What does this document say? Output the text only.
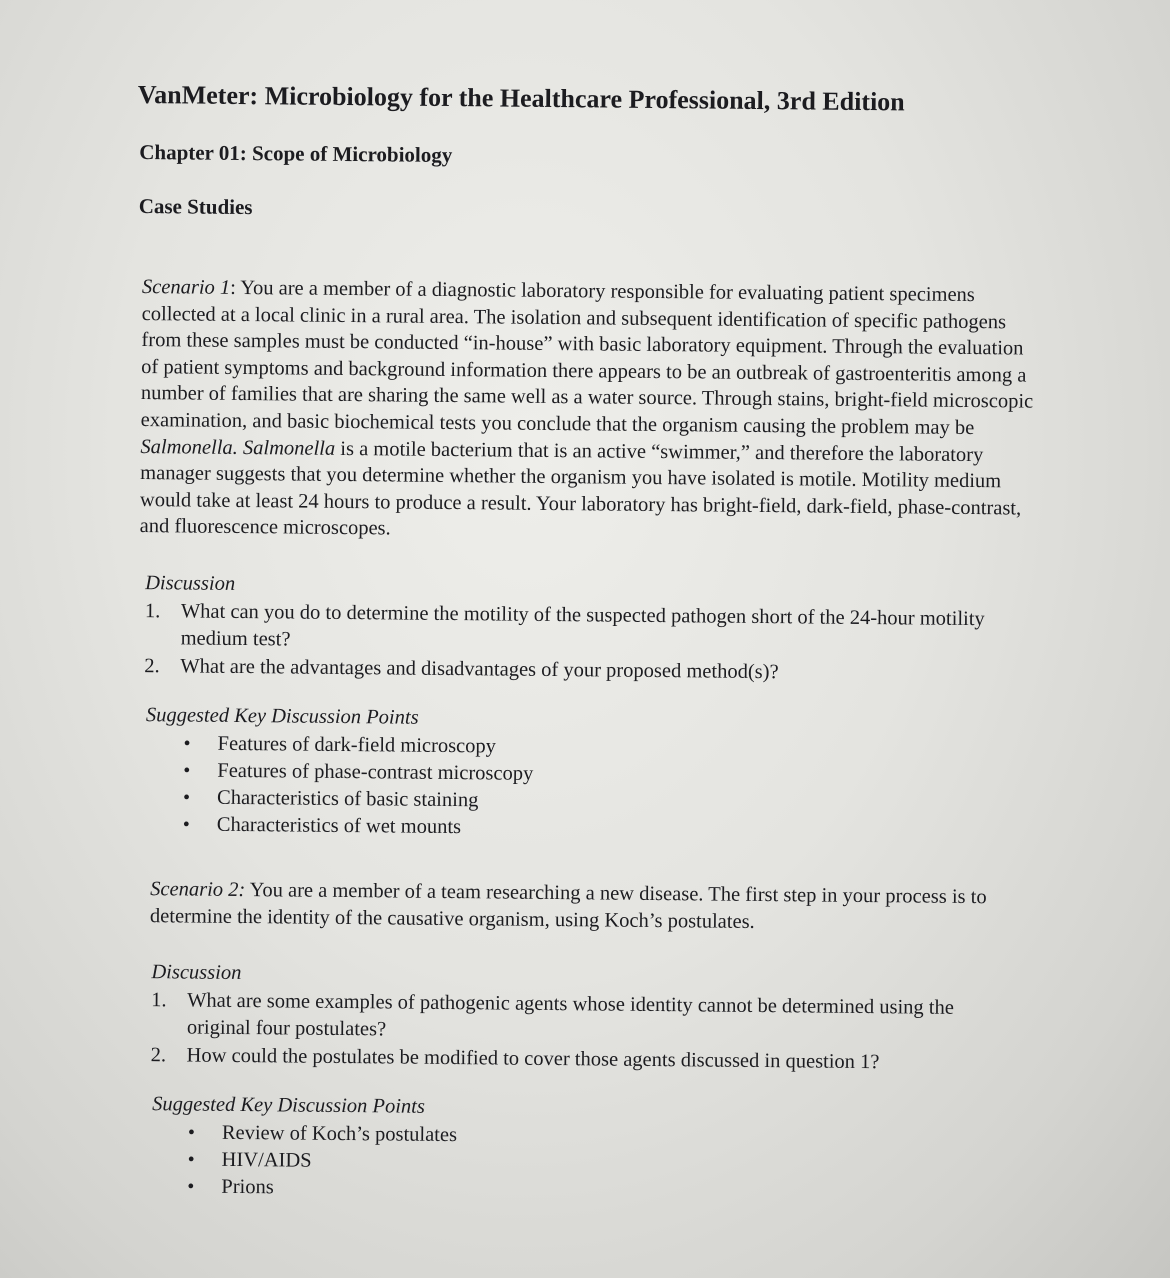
VanMeter: Microbiology for the Healthcare Professional, 3rd Edition
Chapter 01: Scope of Microbiology
Case Studies

Scenario 1: You are a member of a diagnostic laboratory responsible for evaluating patient specimens collected at a local clinic in a rural area. The isolation and subsequent identification of specific pathogens from these samples must be conducted “in-house” with basic laboratory equipment. Through the evaluation of patient symptoms and background information there appears to be an outbreak of gastroenteritis among a number of families that are sharing the same well as a water source. Through stains, bright-field microscopic examination, and basic biochemical tests you conclude that the organism causing the problem may be Salmonella. Salmonella is a motile bacterium that is an active “swimmer,” and therefore the laboratory manager suggests that you determine whether the organism you have isolated is motile. Motility medium would take at least 24 hours to produce a result. Your laboratory has bright-field, dark-field, phase-contrast, and fluorescence microscopes.

Discussion
1. What can you do to determine the motility of the suspected pathogen short of the 24-hour motility medium test?
2. What are the advantages and disadvantages of your proposed method(s)?
Suggested Key Discussion Points
• Features of dark-field microscopy
• Features of phase-contrast microscopy
• Characteristics of basic staining
• Characteristics of wet mounts

Scenario 2: You are a member of a team researching a new disease. The first step in your process is to determine the identity of the causative organism, using Koch’s postulates.

Discussion
1. What are some examples of pathogenic agents whose identity cannot be determined using the original four postulates?
2. How could the postulates be modified to cover those agents discussed in question 1?
Suggested Key Discussion Points
• Review of Koch’s postulates
• HIV/AIDS
• Prions
